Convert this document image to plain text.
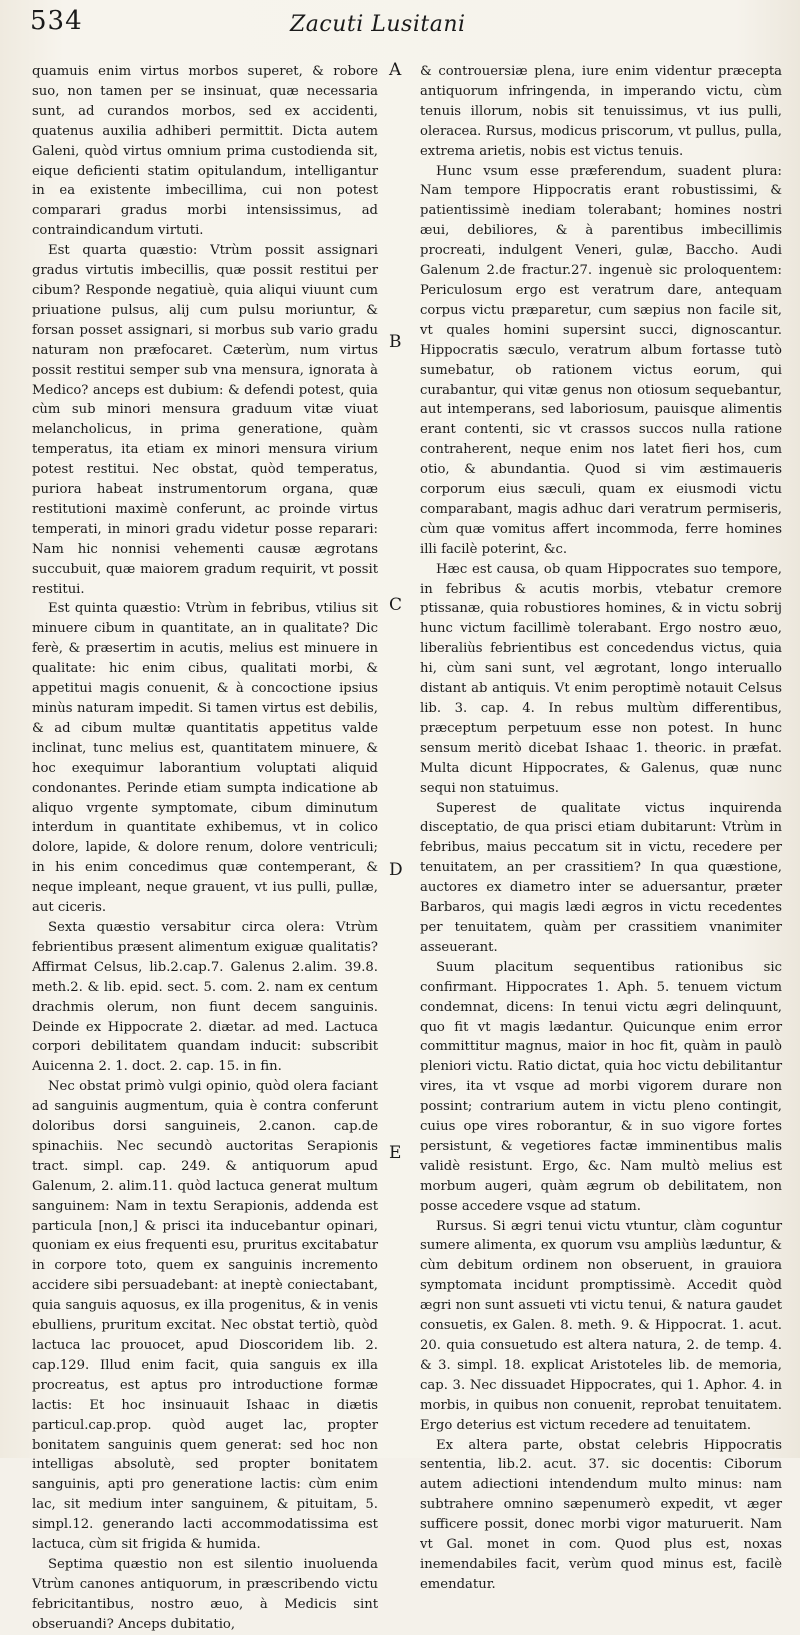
534	Zacuti Lusitani

quamuis enim virtus morbos superet, & robore suo, non tamen per se insinuat, quæ necessaria sunt, ad curandos morbos, sed ex accidenti, quatenus auxilia adhiberi permittit. Dicta autem Galeni, quòd virtus omnium prima custodienda sit, eique deficienti statim opitulandum, intelligantur in ea existente imbecillima, cui non potest comparari gradus morbi intensissimus, ad contraindicandum virtuti.

Est quarta quæstio: Vtrùm possit assignari gradus virtutis imbecillis, quæ possit restitui per cibum? Responde negatiuè, quia aliqui viuunt cum priuatione pulsus, alij cum pulsu moriuntur, & forsan posset assignari, si morbus sub vario gradu naturam non præfocaret. Cæterùm, num virtus possit restitui semper sub vna mensura, ignorata à Medico? anceps est dubium: & defendi potest, quia cùm sub minori mensura graduum vitæ viuat melancholicus, in prima generatione, quàm temperatus, ita etiam ex minori mensura virium potest restitui. Nec obstat, quòd temperatus, puriora habeat instrumentorum organa, quæ restitutioni maximè conferunt, ac proinde virtus temperati, in minori gradu videtur posse reparari: Nam hic nonnisi vehementi causæ ægrotans succubuit, quæ maiorem gradum requirit, vt possit restitui.

Est quinta quæstio: Vtrùm in febribus, vtilius sit minuere cibum in quantitate, an in qualitate? Dic ferè, & præsertim in acutis, melius est minuere in qualitate: hic enim cibus, qualitati morbi, & appetitui magis conuenit, & à concoctione ipsius minùs naturam impedit. Si tamen virtus est debilis, & ad cibum multæ quantitatis appetitus valde inclinat, tunc melius est, quantitatem minuere, & hoc exequimur laborantium voluptati aliquid condonantes. Perinde etiam sumpta indicatione ab aliquo vrgente symptomate, cibum diminutum interdum in quantitate exhibemus, vt in colico dolore, lapide, & dolore renum, dolore ventriculi; in his enim concedimus quæ contemperant, & neque impleant, neque grauent, vt ius pulli, pullæ, aut ciceris.

Sexta quæstio versabitur circa olera: Vtrùm febrientibus præsent alimentum exiguæ qualitatis? Affirmat Celsus, lib.2.cap.7. Galenus 2.alim. 39.8. meth.2. & lib. epid. sect. 5. com. 2. nam ex centum drachmis olerum, non fiunt decem sanguinis. Deinde ex Hippocrate 2. diætar. ad med. Lactuca corpori debilitatem quandam inducit: subscribit Auicenna 2. 1. doct. 2. cap. 15. in fin.

Nec obstat primò vulgi opinio, quòd olera faciant ad sanguinis augmentum, quia è contra conferunt doloribus dorsi sanguineis, 2.canon. cap.de spinachiis. Nec secundò auctoritas Serapionis tract. simpl. cap. 249. & antiquorum apud Galenum, 2. alim.11. quòd lactuca generat multum sanguinem: Nam in textu Serapionis, addenda est particula [non,] & prisci ita inducebantur opinari, quoniam ex eius frequenti esu, pruritus excitabatur in corpore toto, quem ex sanguinis incremento accidere sibi persuadebant: at ineptè coniectabant, quia sanguis aquosus, ex illa progenitus, & in venis ebulliens, pruritum excitat. Nec obstat tertiò, quòd lactuca lac prouocet, apud Dioscoridem lib. 2. cap.129. Illud enim facit, quia sanguis ex illa procreatus, est aptus pro introductione formæ lactis: Et hoc insinuauit Ishaac in diætis particul.cap.prop. quòd auget lac, propter bonitatem sanguinis quem generat: sed hoc non intelligas absolutè, sed propter bonitatem sanguinis, apti pro generatione lactis: cùm enim lac, sit medium inter sanguinem, & pituitam, 5. simpl.12. generando lacti accommodatissima est lactuca, cùm sit frigida & humida.

Septima quæstio non est silentio inuoluenda Vtrùm canones antiquorum, in præscribendo victu febricitantibus, nostro æuo, à Medicis sint obseruandi? Anceps dubitatio,

A
B
C
D
E

& controuersiæ plena, iure enim videntur præcepta antiquorum infringenda, in imperando victu, cùm tenuis illorum, nobis sit tenuissimus, vt ius pulli, oleracea. Rursus, modicus priscorum, vt pullus, pulla, extrema arietis, nobis est victus tenuis.

Hunc vsum esse præferendum, suadent plura: Nam tempore Hippocratis erant robustissimi, & patientissimè inediam tolerabant; homines nostri æui, debiliores, & à parentibus imbecillimis procreati, indulgent Veneri, gulæ, Bacchο. Audi Galenum 2.de fractur.27. ingenuè sic proloquentem: Periculosum ergo est veratrum dare, antequam corpus victu præparetur, cum sæpius non facile sit, vt quales homini supersint succi, dignoscantur. Hippocratis sæculo, veratrum album fortasse tutò sumebatur, ob rationem victus eorum, qui curabantur, qui vitæ genus non otiosum sequebantur, aut intemperans, sed laboriosum, pauisque alimentis erant contenti, sic vt crassos succos nulla ratione contraherent, neque enim nos latet fieri hos, cum otio, & abundantia. Quod si vim æstimaueris corporum eius sæculi, quam ex eiusmodi victu comparabant, magis adhuc dari veratrum permiseris, cùm quæ vomitus affert incommoda, ferre homines illi facilè poterint, &c.

Hæc est causa, ob quam Hippocrates suo tempore, in febribus & acutis morbis, vtebatur cremore ptissanæ, quia robustiores homines, & in victu sobrij hunc victum facillimè tolerabant. Ergo nostro æuo, liberaliùs febrientibus est concedendus victus, quia hi, cùm sani sunt, vel ægrotant, longo interuallo distant ab antiquis. Vt enim peroptimè notauit Celsus lib. 3. cap. 4. In rebus multùm differentibus, præceptum perpetuum esse non potest. In hunc sensum meritò dicebat Ishaac 1. theoric. in præfat. Multa dicunt Hippocrates, & Galenus, quæ nunc sequi non statuimus.

Superest de qualitate victus inquirenda disceptatio, de qua prisci etiam dubitarunt: Vtrùm in febribus, maius peccatum sit in victu, recedere per tenuitatem, an per crassitiem? In qua quæstione, auctores ex diametro inter se aduersantur, præter Barbaros, qui magis lædi ægros in victu recedentes per tenuitatem, quàm per crassitiem vnanimiter asseuerant.

Suum placitum sequentibus rationibus sic confirmant. Hippocrates 1. Aph. 5. tenuem victum condemnat, dicens: In tenui victu ægri delinquunt, quo fit vt magis lædantur. Quicunque enim error committitur magnus, maior in hoc fit, quàm in paulò pleniori victu. Ratio dictat, quia hoc victu debilitantur vires, ita vt vsque ad morbi vigorem durare non possint; contrarium autem in victu pleno contingit, cuius ope vires roborantur, & in suo vigore fortes persistunt, & vegetiores factæ imminentibus malis validè resistunt. Ergo, &c. Nam multò melius est morbum augeri, quàm ægrum ob debilitatem, non posse accedere vsque ad statum.

Rursus. Si ægri tenui victu vtuntur, clàm coguntur sumere alimenta, ex quorum vsu ampliùs læduntur, & cùm debitum ordinem non obseruent, in grauiora symptomata incidunt promptissimè. Accedit quòd ægri non sunt assueti vti victu tenui, & natura gaudet consuetis, ex Galen. 8. meth. 9. & Hippocrat. 1. acut. 20. quia consuetudo est altera natura, 2. de temp. 4. & 3. simpl. 18. explicat Aristoteles lib. de memoria, cap. 3. Nec dissuadet Hippocrates, qui 1. Aphor. 4. in morbis, in quibus non conuenit, reprobat tenuitatem. Ergo deterius est victum recedere ad tenuitatem.

Ex altera parte, obstat celebris Hippocratis sententia, lib.2. acut. 37. sic docentis: Ciborum autem adiectioni intendendum multo minus: nam subtrahere omnino sæpenumerò expedit, vt æger sufficere possit, donec morbi vigor maturuerit. Nam vt Gal. monet in com. Quod plus est, noxas inemendabiles facit, verùm quod minus est, facilè emendatur.
